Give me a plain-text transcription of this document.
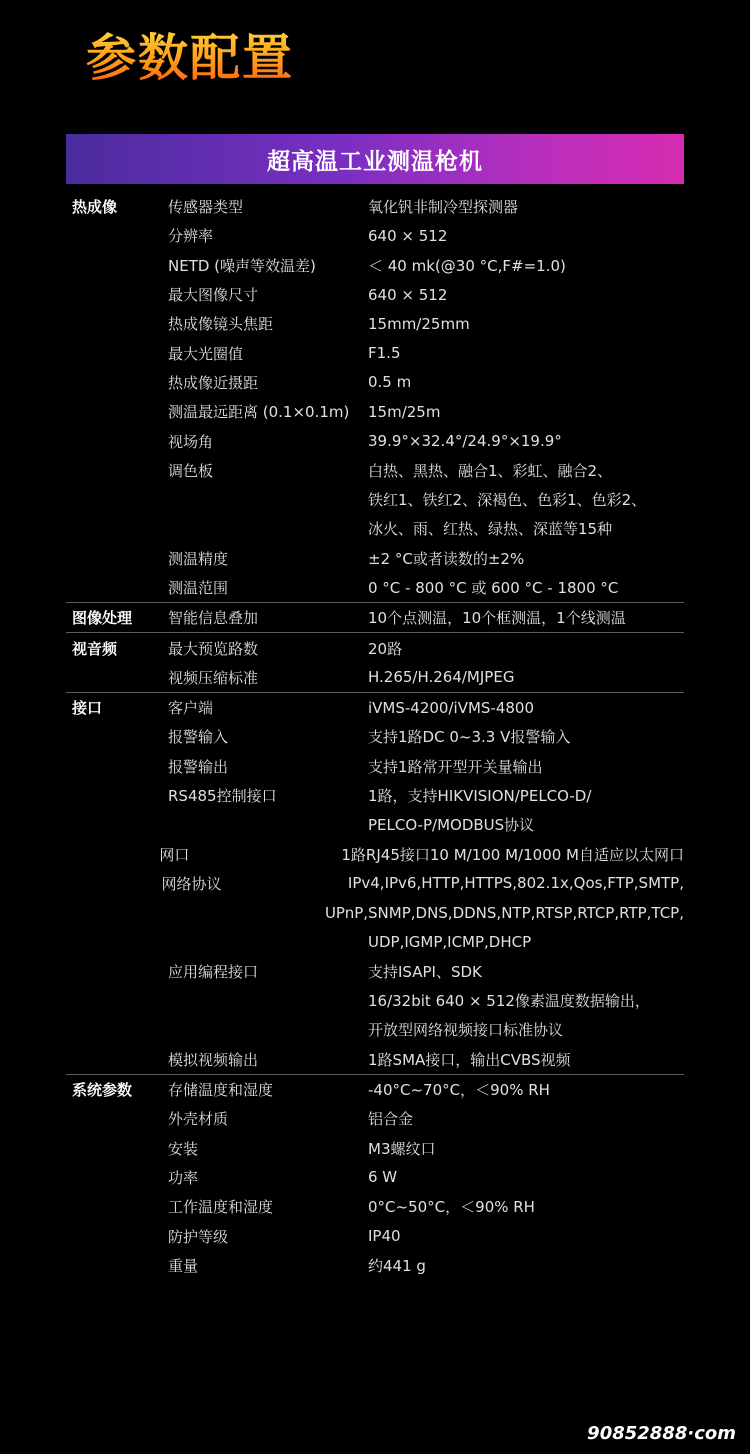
参数配置
超高温工业测温枪机
热成像	传感器类型	氧化钒非制冷型探测器
分辨率	640 × 512
NETD (噪声等效温差)	＜ 40 mk(@30 °C,F#=1.0)
最大图像尺寸	640 × 512
热成像镜头焦距	15mm/25mm
最大光圈值	F1.5
热成像近摄距	0.5 m
测温最远距离 (0.1×0.1m)	15m/25m
视场角	39.9°×32.4°/24.9°×19.9°
调色板	白热、黑热、融合1、彩虹、融合2、
铁红1、铁红2、深褐色、色彩1、色彩2、
冰火、雨、红热、绿热、深蓝等15种
测温精度	±2 °C或者读数的±2%
测温范围	0 °C - 800 °C 或 600 °C - 1800 °C
图像处理	智能信息叠加	10个点测温，10个框测温，1个线测温
视音频	最大预览路数	20路
视频压缩标准	H.265/H.264/MJPEG
接口	客户端	iVMS-4200/iVMS-4800
报警输入	支持1路DC 0~3.3 V报警输入
报警输出	支持1路常开型开关量输出
RS485控制接口	1路，支持HIKVISION/PELCO-D/
PELCO-P/MODBUS协议
网口	1路RJ45接口10 M/100 M/1000 M自适应以太网口
网络协议	IPv4,IPv6,HTTP,HTTPS,802.1x,Qos,FTP,SMTP,
UPnP,SNMP,DNS,DDNS,NTP,RTSP,RTCP,RTP,TCP,
UDP,IGMP,ICMP,DHCP
应用编程接口	支持ISAPI、SDK
16/32bit 640 × 512像素温度数据输出，
开放型网络视频接口标准协议
模拟视频输出	1路SMA接口，输出CVBS视频
系统参数	存储温度和湿度	-40°C~70°C，＜90% RH
外壳材质	铝合金
安装	M3螺纹口
功率	6 W
工作温度和湿度	0°C~50°C，＜90% RH
防护等级	IP40
重量	约441 g
90852888·com
